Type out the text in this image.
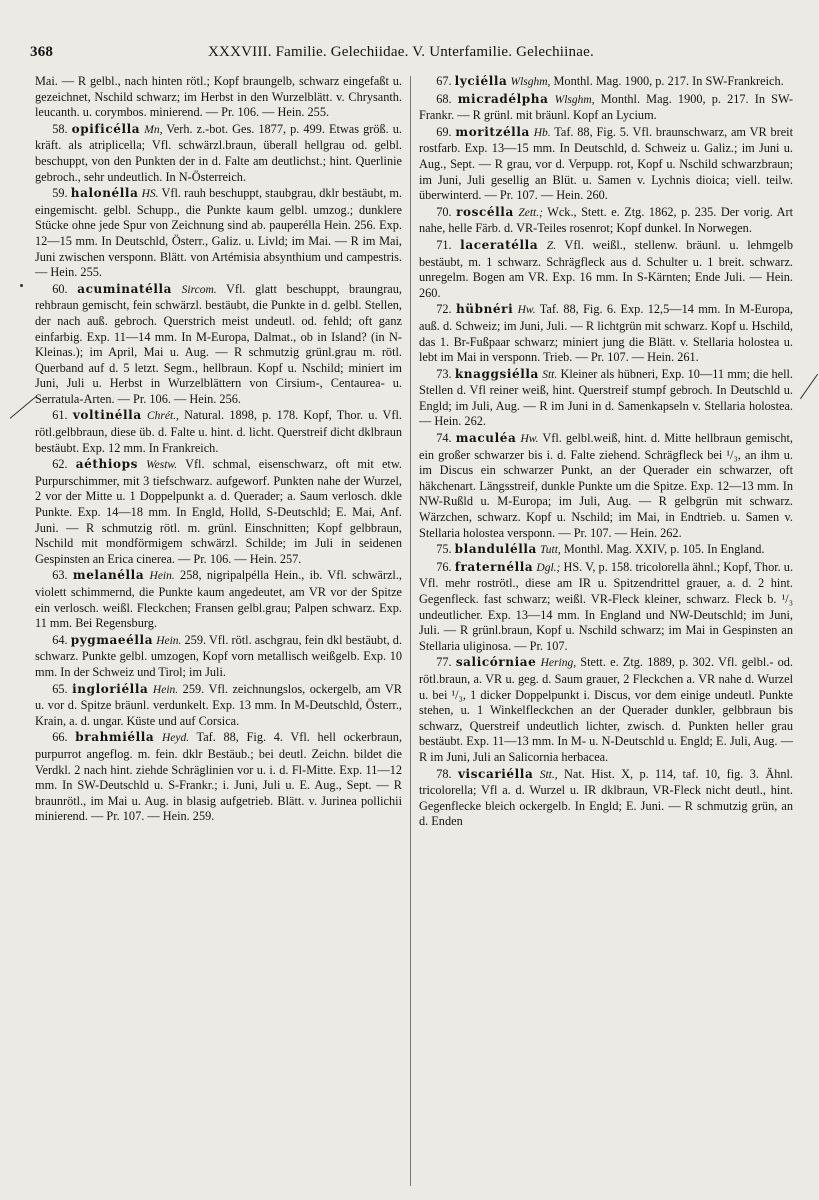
368	XXXVIII. Familie. Gelechiidae. V. Unterfamilie. Gelechiinae.

Mai. — R gelbl., nach hinten rötl.; Kopf braungelb, schwarz eingefaßt u. gezeichnet, Nschild schwarz; im Herbst in den Wurzelblätt. v. Chrysanth. leucanth. u. corymbos. minierend. — Pr. 106. — Hein. 255.

58. opificélla Mn, Verh. z.-bot. Ges. 1877, p. 499. Etwas größ. u. kräft. als atriplicella; Vfl. schwärzl.braun, überall hellgrau od. gelbl. beschuppt, von den Punkten der in d. Falte am deutlichst.; hint. Querlinie gebroch., sehr undeutlich. In N-Österreich.

59. halonélla HS. Vfl. rauh beschuppt, staubgrau, dklr bestäubt, m. eingemischt. gelbl. Schupp., die Punkte kaum gelbl. umzog.; dunklere Stücke ohne jede Spur von Zeichnung sind ab. pauperélla Hein. 256. Exp. 12—15 mm. In Deutschld, Österr., Galiz. u. Livld; im Mai. — R im Mai, Juni zwischen versponn. Blätt. von Artémisia absynthium und campestris. — Hein. 255.

60. acuminatélla Sircom. Vfl. glatt beschuppt, braungrau, rehbraun gemischt, fein schwärzl. bestäubt, die Punkte in d. gelbl. Stellen, der nach auß. gebroch. Querstrich meist undeutl. od. fehld; oft ganz einfarbig. Exp. 11—14 mm. In M-Europa, Dalmat., ob in Island? (in N-Kleinas.); im April, Mai u. Aug. — R schmutzig grünl.grau m. rötl. Querband auf d. 5 letzt. Segm., hellbraun. Kopf u. Nschild; miniert im Juni, Juli u. Herbst in Wurzelblättern von Cirsium-, Centaurea- u. Serratula-Arten. — Pr. 106. — Hein. 256.

61. voltinélla Chrét., Natural. 1898, p. 178. Kopf, Thor. u. Vfl. rötl.gelbbraun, diese üb. d. Falte u. hint. d. licht. Querstreif dicht dklbraun bestäubt. Exp. 12 mm. In Frankreich.

62. aéthiops Westw. Vfl. schmal, eisenschwarz, oft mit etw. Purpurschimmer, mit 3 tiefschwarz. aufgeworf. Punkten nahe der Wurzel, 2 vor der Mitte u. 1 Doppelpunkt a. d. Querader; a. Saum verlosch. dkle Punkte. Exp. 14—18 mm. In Engld, Holld, S-Deutschld; E. Mai, Anf. Juni. — R schmutzig rötl. m. grünl. Einschnitten; Kopf gelbbraun, Nschild mit mondförmigem schwärzl. Schilde; im Juli in seidenen Gespinsten an Erica cinerea. — Pr. 106. — Hein. 257.

63. melanélla Hein. 258, nigripalpélla Hein., ib. Vfl. schwärzl., violett schimmernd, die Punkte kaum angedeutet, am VR vor der Spitze ein verlosch. weißl. Fleckchen; Fransen gelbl.grau; Palpen schwarz. Exp. 11 mm. Bei Regensburg.

64. pygmaeélla Hein. 259. Vfl. rötl. aschgrau, fein dkl bestäubt, d. schwarz. Punkte gelbl. umzogen, Kopf vorn metallisch weißgelb. Exp. 10 mm. In der Schweiz und Tirol; im Juli.

65. ingloriélla Hein. 259. Vfl. zeichnungslos, ockergelb, am VR u. vor d. Spitze bräunl. verdunkelt. Exp. 13 mm. In M-Deutschld, Österr., Krain, a. d. ungar. Küste und auf Corsica.

66. brahmiélla Heyd. Taf. 88, Fig. 4. Vfl. hell ockerbraun, purpurrot angeflog. m. fein. dklr Bestäub.; bei deutl. Zeichn. bildet die Verdkl. 2 nach hint. ziehde Schräglinien vor u. i. d. Fl-Mitte. Exp. 11—12 mm. In SW-Deutschld u. S-Frankr.; i. Juni, Juli u. E. Aug., Sept. — R braunrötl., im Mai u. Aug. in blasig aufgetrieb. Blätt. v. Jurinea pollichii minierend. — Pr. 107. — Hein. 259.

67. lyciélla Wlsghm, Monthl. Mag. 1900, p. 217. In SW-Frankreich.

68. micradélpha Wlsghm, Monthl. Mag. 1900, p. 217. In SW-Frankr. — R grünl. mit bräunl. Kopf an Lycium.

69. moritzélla Hb. Taf. 88, Fig. 5. Vfl. braunschwarz, am VR breit rostfarb. Exp. 13—15 mm. In Deutschld, d. Schweiz u. Galiz.; im Juni u. Aug., Sept. — R grau, vor d. Verpupp. rot, Kopf u. Nschild schwarzbraun; im Juni, Juli gesellig an Blüt. u. Samen v. Lychnis dioica; viell. teilw. überwinterd. — Pr. 107. — Hein. 260.

70. roscélla Zett.; Wck., Stett. e. Ztg. 1862, p. 235. Der vorig. Art nahe, helle Färb. d. VR-Teiles rosenrot; Kopf dunkel. In Norwegen.

71. laceratélla Z. Vfl. weißl., stellenw. bräunl. u. lehmgelb bestäubt, m. 1 schwarz. Schrägfleck aus d. Schulter u. 1 breit. schwarz. unregelm. Bogen am VR. Exp. 16 mm. In S-Kärnten; Ende Juli. — Hein. 260.

72. hübnéri Hw. Taf. 88, Fig. 6. Exp. 12,5—14 mm. In M-Europa, auß. d. Schweiz; im Juni, Juli. — R lichtgrün mit schwarz. Kopf u. Hschild, das 1. Br-Fußpaar schwarz; miniert jung die Blätt. v. Stellaria holostea u. lebt im Mai in versponn. Trieb. — Pr. 107. — Hein. 261.

73. knaggsiélla Stt. Kleiner als hübneri, Exp. 10—11 mm; die hell. Stellen d. Vfl reiner weiß, hint. Querstreif stumpf gebroch. In Deutschld u. Engld; im Juli, Aug. — R im Juni in d. Samenkapseln v. Stellaria holostea. — Hein. 262.

74. maculéa Hw. Vfl. gelbl.weiß, hint. d. Mitte hellbraun gemischt, ein großer schwarzer bis i. d. Falte ziehend. Schrägfleck bei ¹/₃, an ihm u. im Discus ein schwarzer Punkt, an der Querader ein schwarzer, oft häkchenart. Längsstreif, dunkle Punkte um die Spitze. Exp. 12—13 mm. In NW-Rußld u. M-Europa; im Juli, Aug. — R gelbgrün mit schwarz. Wärzchen, schwarz. Kopf u. Nschild; im Mai, in Endtrieb. u. Samen v. Stellaria holostea versponn. — Pr. 107. — Hein. 262.

75. blandulélla Tutt, Monthl. Mag. XXIV, p. 105. In England.

76. fraternélla Dgl.; HS. V, p. 158. tricolorella ähnl.; Kopf, Thor. u. Vfl. mehr roströtl., diese am IR u. Spitzendrittel grauer, a. d. 2 hint. Gegenfleck. fast schwarz; weißl. VR-Fleck kleiner, schwarz. Fleck b. ¹/₃ undeutlicher. Exp. 13—14 mm. In England und NW-Deutschld; im Juni, Juli. — R grünl.braun, Kopf u. Nschild schwarz; im Mai in Gespinsten an Stellaria uliginosa. — Pr. 107.

77. salicórniae Hering, Stett. e. Ztg. 1889, p. 302. Vfl. gelbl.- od. rötl.braun, a. VR u. geg. d. Saum grauer, 2 Fleckchen a. VR nahe d. Wurzel u. bei ¹/₃, 1 dicker Doppelpunkt i. Discus, vor dem einige undeutl. Punkte stehen, u. 1 Winkelfleckchen an der Querader dunkler, gelbbraun bis schwarz, Querstreif undeutlich lichter, zwisch. d. Punkten heller grau bestäubt. Exp. 11—13 mm. In M- u. N-Deutschld u. Engld; E. Juli, Aug. — R im Juni, Juli an Salicornia herbacea.

78. viscariélla Stt., Nat. Hist. X, p. 114, taf. 10, fig. 3. Ähnl. tricolorella; Vfl a. d. Wurzel u. IR dklbraun, VR-Fleck nicht deutl., hint. Gegenflecke bleich ockergelb. In Engld; E. Juni. — R schmutzig grün, an d. Enden
